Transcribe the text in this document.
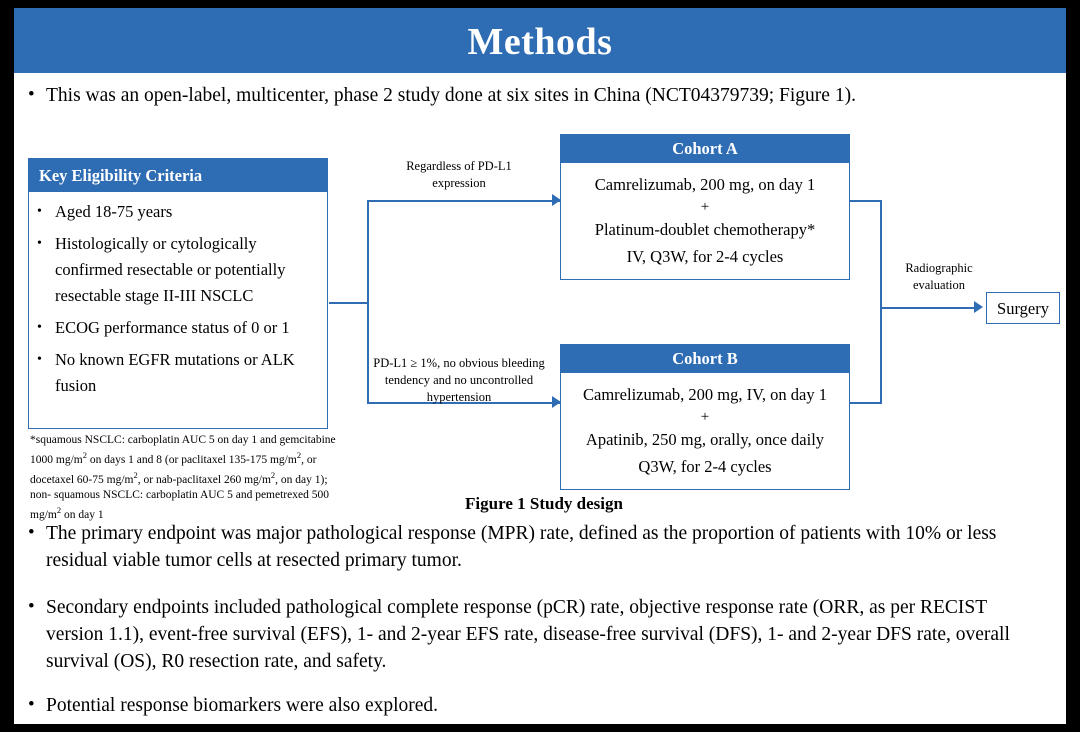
Methods
• This was an open-label, multicenter, phase 2 study done at six sites in China (NCT04379739; Figure 1).
Key Eligibility Criteria
• Aged 18-75 years
• Histologically or cytologically confirmed resectable or potentially resectable stage II-III NSCLC
• ECOG performance status of 0 or 1
• No known EGFR mutations or ALK fusion
*squamous NSCLC: carboplatin AUC 5 on day 1 and gemcitabine 1000 $mg/m^2$ on days 1 and 8 (or paclitaxel 135-175 $mg/m^2$, or docetaxel 60-75 $mg/m^2$, or nab-paclitaxel 260 $mg/m^2$, on day 1); non- squamous NSCLC: carboplatin AUC 5 and pemetrexed 500 $mg/m^2$ on day 1
Regardless of PD-L1 expression
PD-L1 ≥ 1%, no obvious bleeding tendency and no uncontrolled hypertension
Cohort A
Camrelizumab, 200 mg, on day 1
+
Platinum-doublet chemotherapy*
IV, Q3W, for 2-4 cycles
Cohort B
Camrelizumab, 200 mg, IV, on day 1
+
Apatinib, 250 mg, orally, once daily
Q3W, for 2-4 cycles
Radiographic evaluation
Surgery
Figure 1 Study design
• The primary endpoint was major pathological response (MPR) rate, defined as the proportion of patients with 10% or less residual viable tumor cells at resected primary tumor.
• Secondary endpoints included pathological complete response (pCR) rate, objective response rate (ORR, as per RECIST version 1.1), event-free survival (EFS), 1- and 2-year EFS rate, disease-free survival (DFS), 1- and 2-year DFS rate, overall survival (OS), R0 resection rate, and safety.
• Potential response biomarkers were also explored.
